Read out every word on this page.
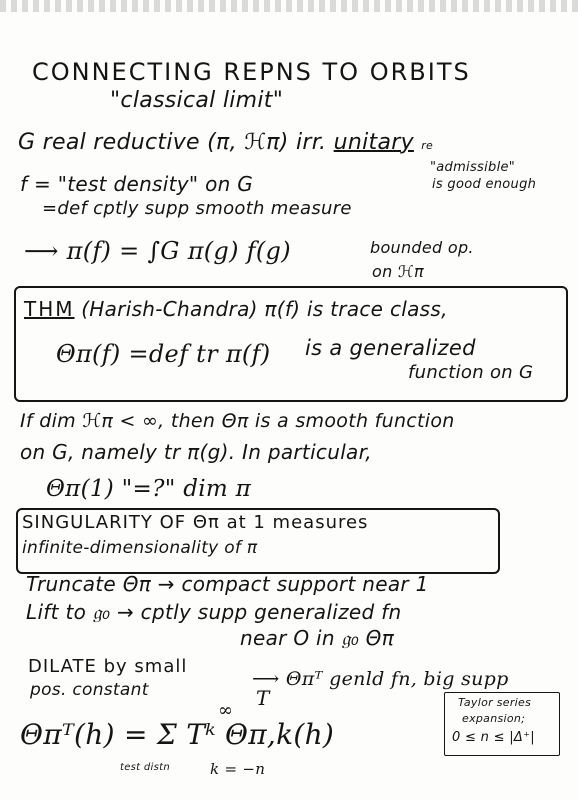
CONNECTING REPNS TO ORBITS
"classical limit"
G real reductive (π, ℋπ) irr. unitary re
"admissible"
is good enough
f = "test density" on G
=def cptly supp smooth measure
⟶ π(f) = ∫G π(g) f(g)	bounded op.
on ℋπ
THM (Harish-Chandra) π(f) is trace class,
Θπ(f) =def tr π(f) is a generalized
function on G
If dim ℋπ < ∞, then Θπ is a smooth function
on G, namely tr π(g). In particular,
Θπ(1) "=?" dim π
SINGULARITY OF Θπ at 1 measures
infinite-dimensionality of π
Truncate Θπ → compact support near 1
Lift to 𝔤₀ → cptly supp generalized fn
near O in 𝔤₀ Θπ
DILATE by small
pos. constant	⟶ Θπᵀ genld fn, big supp
T
Θπᵀ(h) = Σ Tᵏ Θπ,k(h)
∞
k = −n
test distn
Taylor series
expansion;
0 ≤ n ≤ |Δ⁺|
